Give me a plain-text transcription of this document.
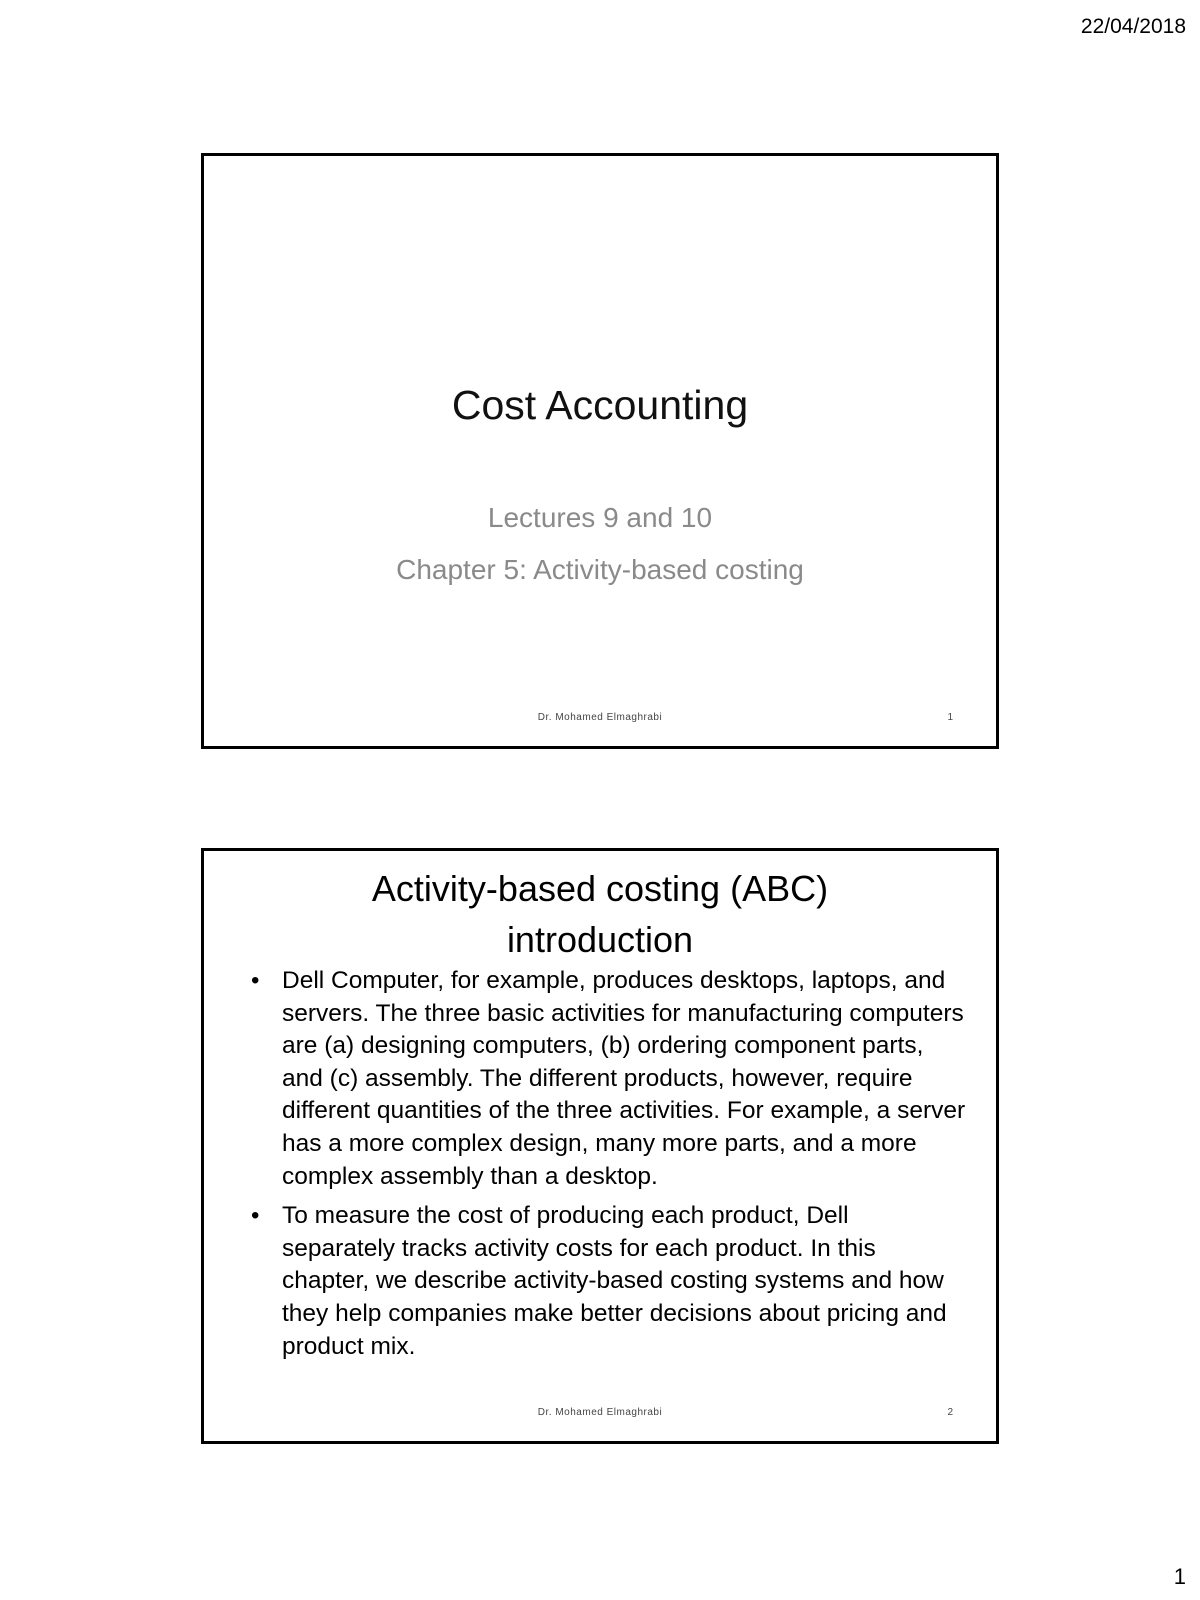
22/04/2018
Cost Accounting
Lectures 9 and 10
Chapter 5: Activity-based costing
Dr. Mohamed Elmaghrabi	1
Activity-based costing (ABC)
introduction
• Dell Computer, for example, produces desktops, laptops, and servers. The three basic activities for manufacturing computers are (a) designing computers, (b) ordering component parts, and (c) assembly. The different products, however, require different quantities of the three activities. For example, a server has a more complex design, many more parts, and a more complex assembly than a desktop.
• To measure the cost of producing each product, Dell separately tracks activity costs for each product. In this chapter, we describe activity-based costing systems and how they help companies make better decisions about pricing and product mix.
Dr. Mohamed Elmaghrabi	2
1
